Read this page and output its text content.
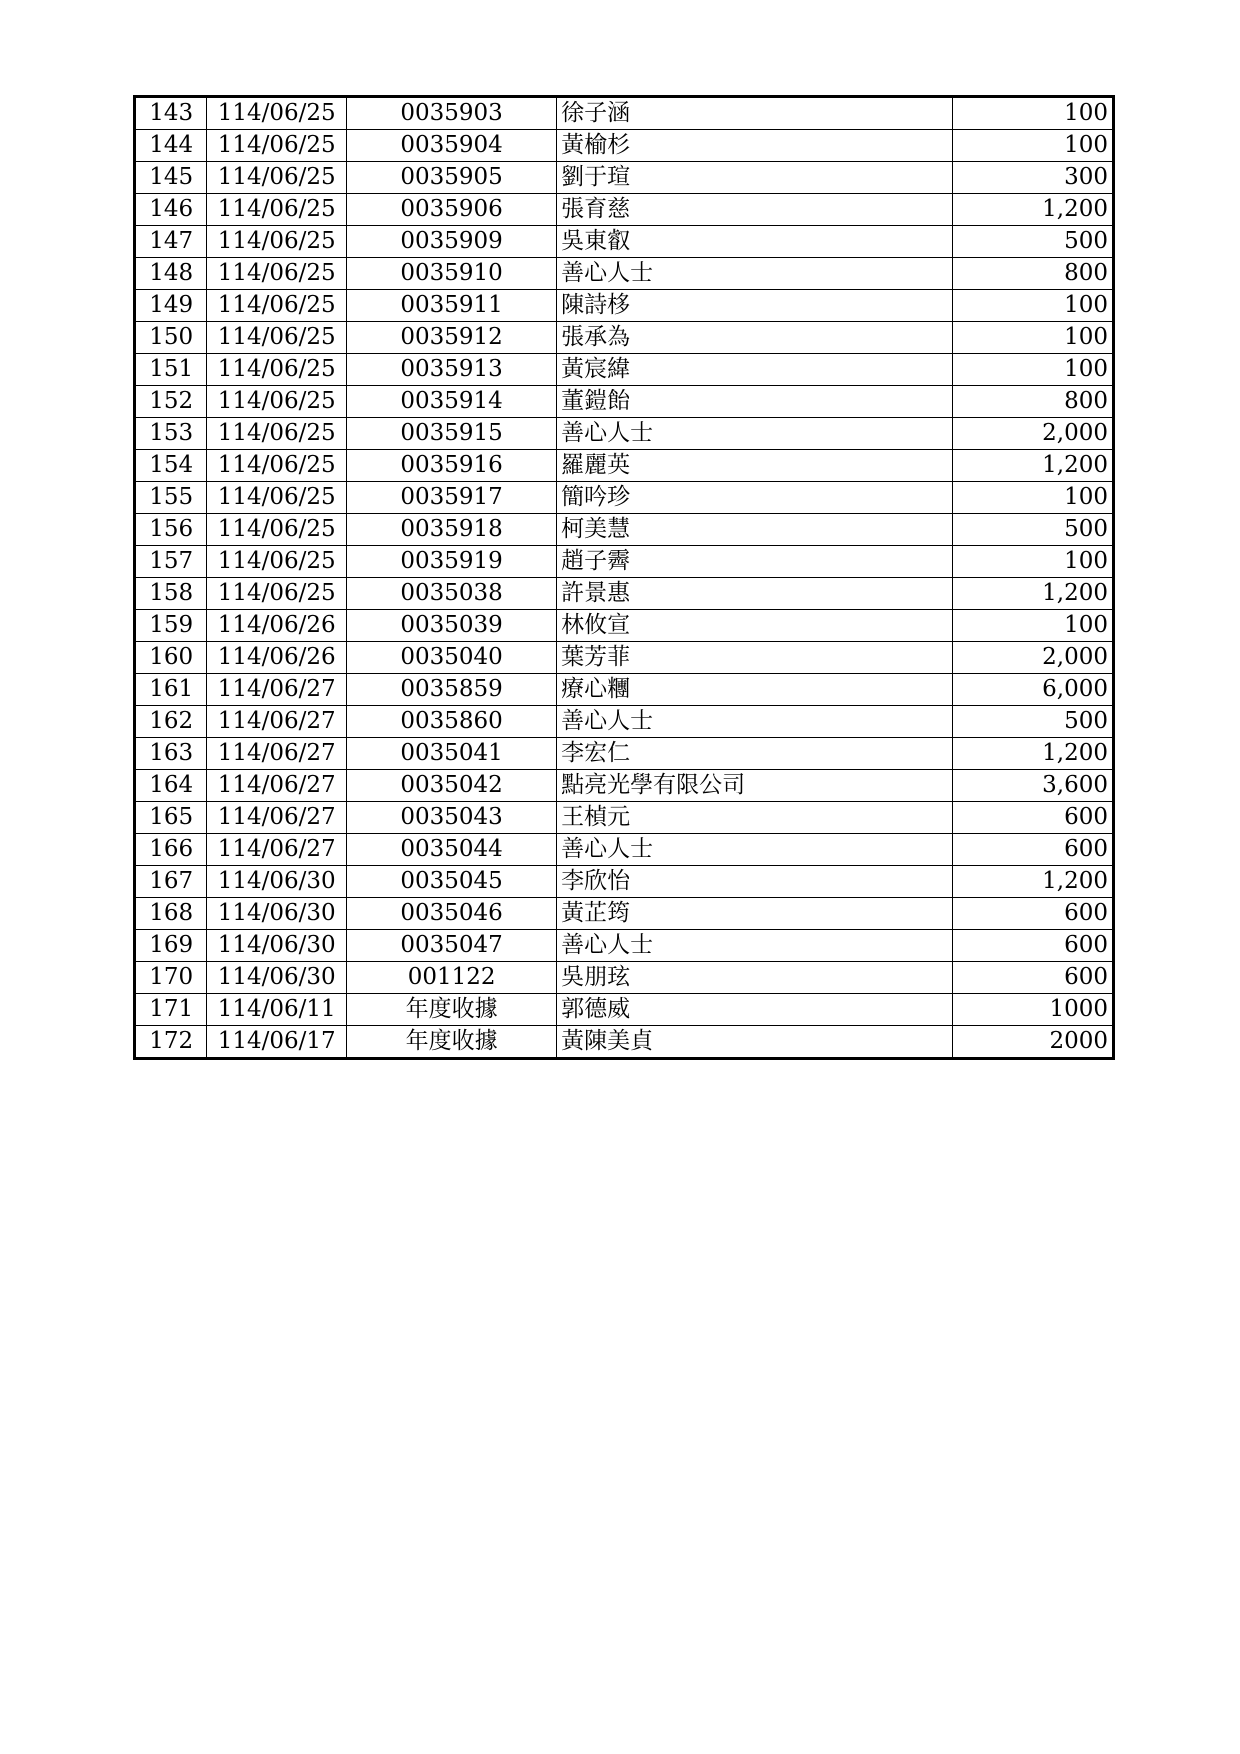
143	114/06/25	0035903	徐子涵	100
144	114/06/25	0035904	黃榆杉	100
145	114/06/25	0035905	劉于瑄	300
146	114/06/25	0035906	張育慈	1,200
147	114/06/25	0035909	吳東叡	500
148	114/06/25	0035910	善心人士	800
149	114/06/25	0035911	陳詩栘	100
150	114/06/25	0035912	張承為	100
151	114/06/25	0035913	黃宸緯	100
152	114/06/25	0035914	董鎧飴	800
153	114/06/25	0035915	善心人士	2,000
154	114/06/25	0035916	羅麗英	1,200
155	114/06/25	0035917	簡吟珍	100
156	114/06/25	0035918	柯美慧	500
157	114/06/25	0035919	趙子霽	100
158	114/06/25	0035038	許景惠	1,200
159	114/06/26	0035039	林攸宣	100
160	114/06/26	0035040	葉芳菲	2,000
161	114/06/27	0035859	療心糰	6,000
162	114/06/27	0035860	善心人士	500
163	114/06/27	0035041	李宏仁	1,200
164	114/06/27	0035042	點亮光學有限公司	3,600
165	114/06/27	0035043	王楨元	600
166	114/06/27	0035044	善心人士	600
167	114/06/30	0035045	李欣怡	1,200
168	114/06/30	0035046	黃芷筠	600
169	114/06/30	0035047	善心人士	600
170	114/06/30	001122	吳朋玹	600
171	114/06/11	年度收據	郭德威	1000
172	114/06/17	年度收據	黃陳美貞	2000
